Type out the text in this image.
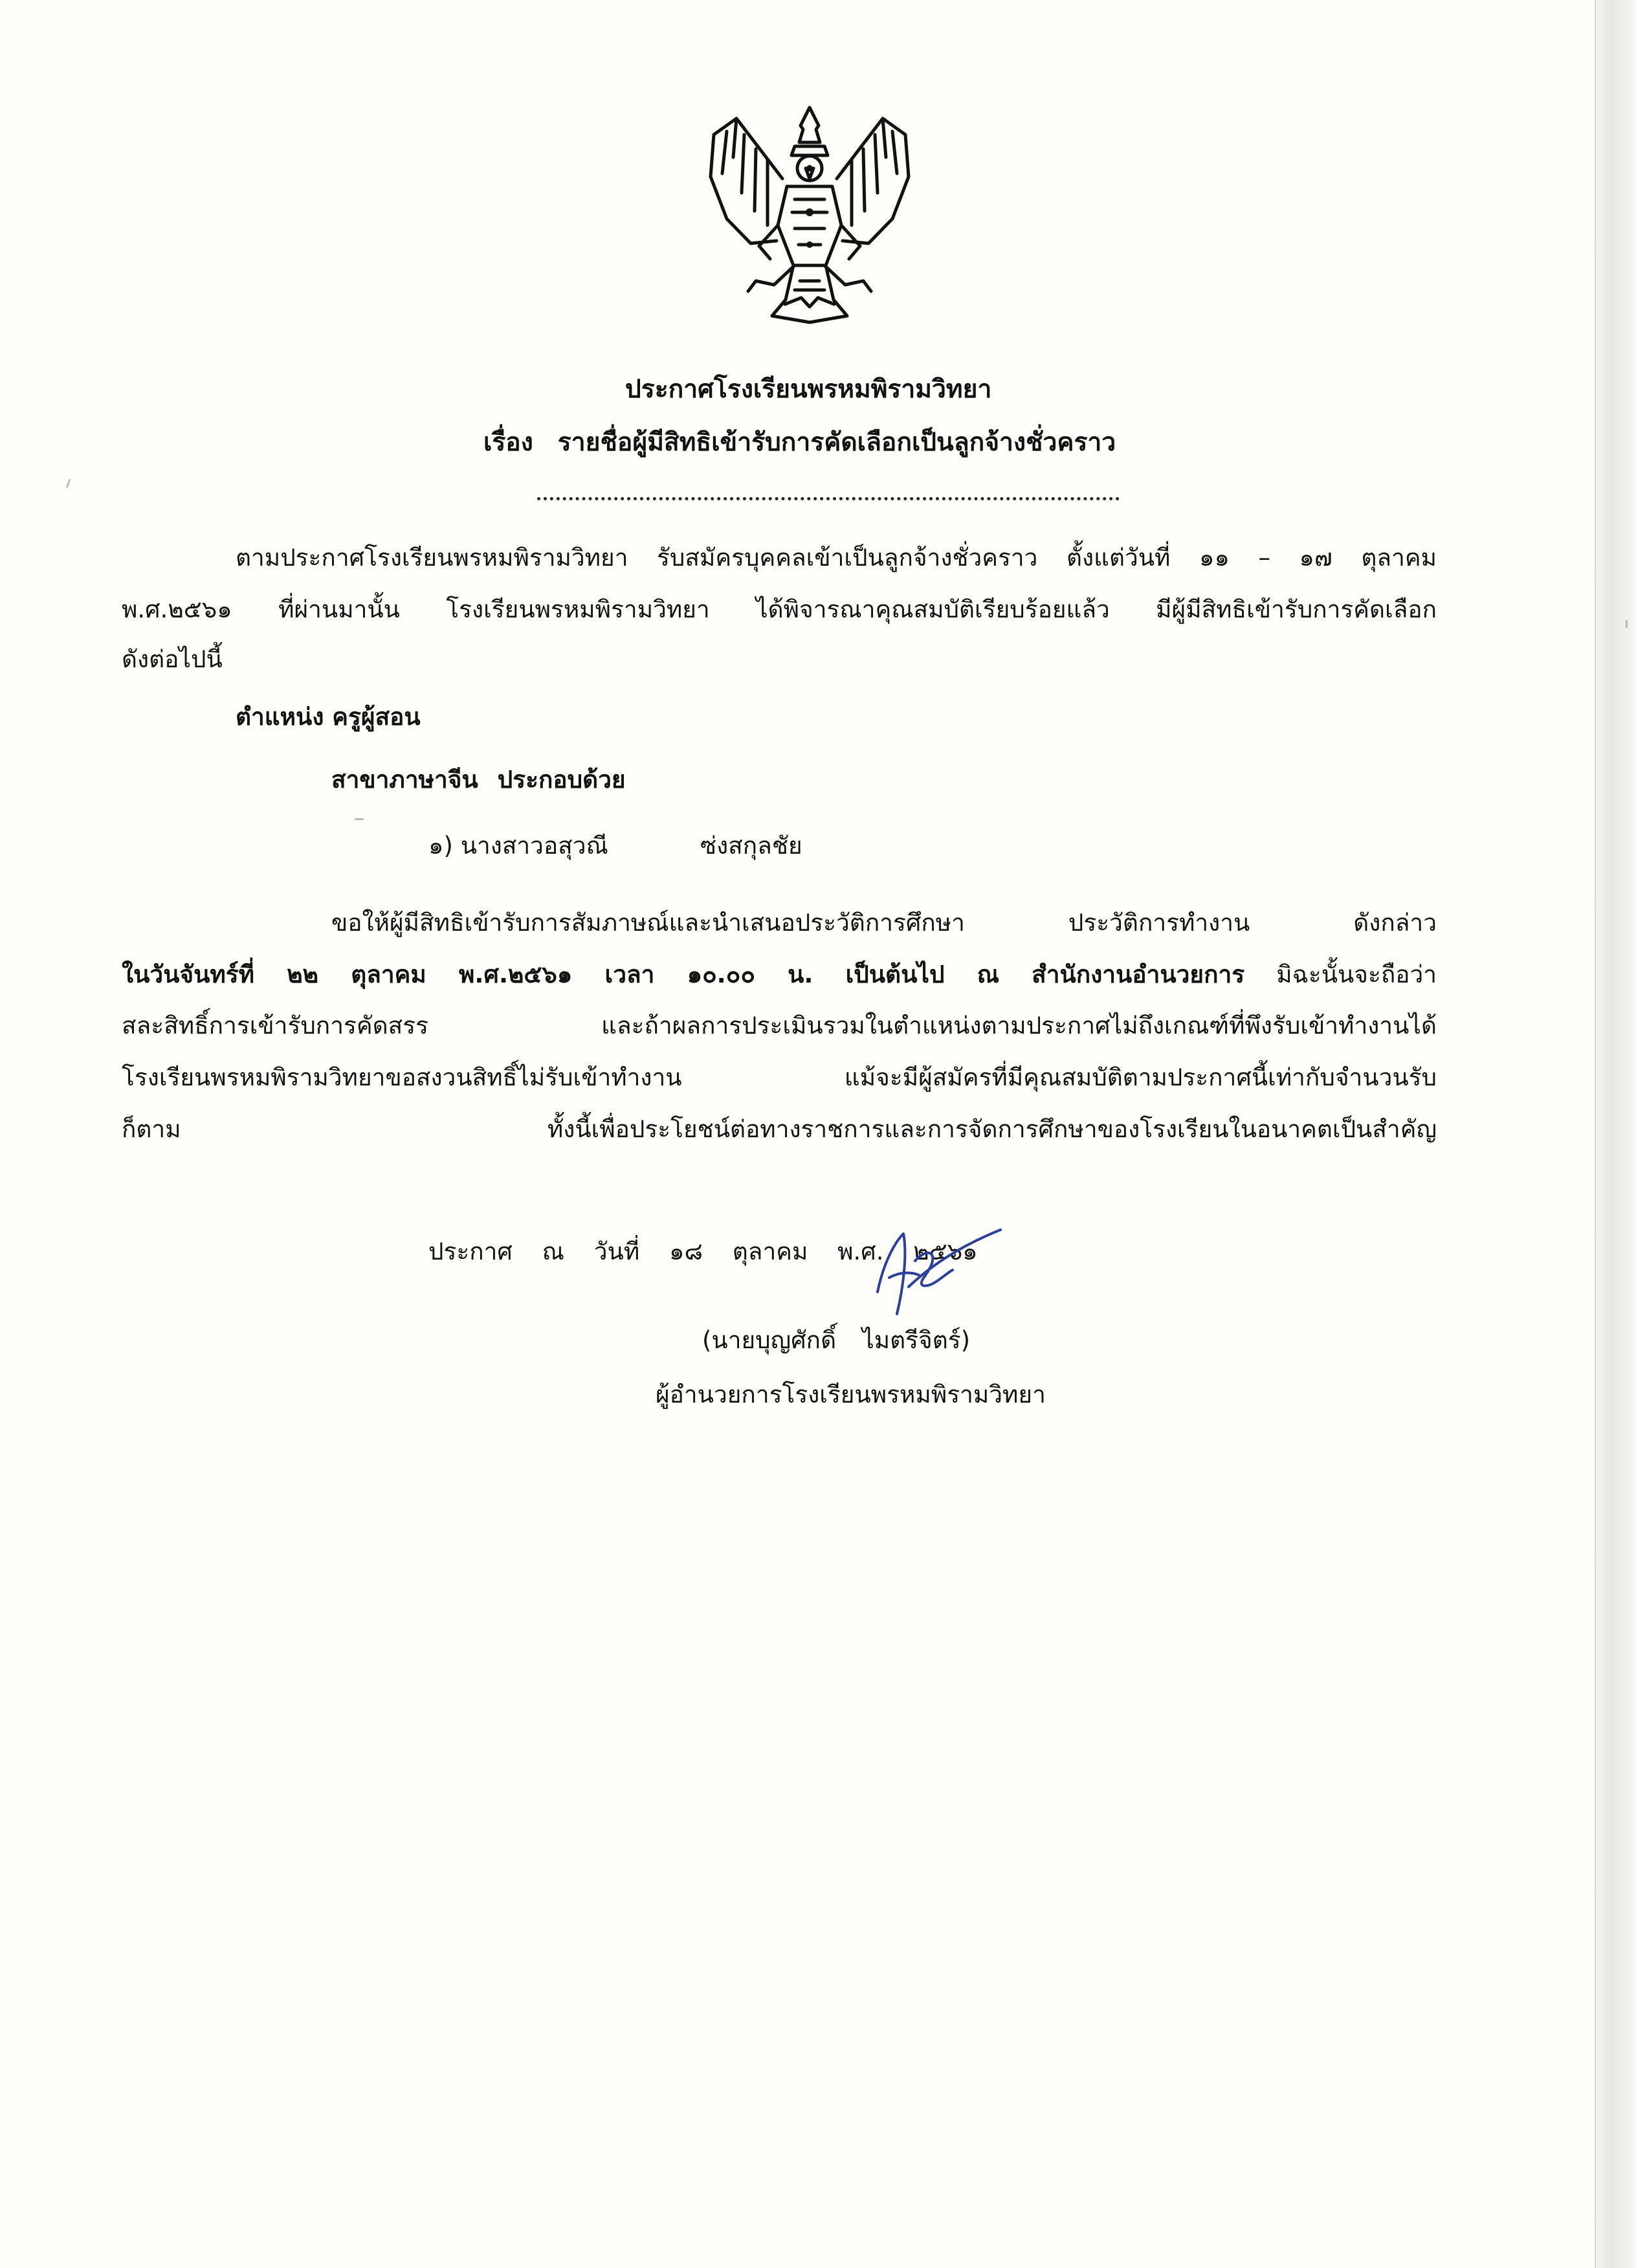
ประกาศโรงเรียนพรหมพิรามวิทยา
เรื่อง รายชื่อผู้มีสิทธิเข้ารับการคัดเลือกเป็นลูกจ้างชั่วคราว
ตามประกาศโรงเรียนพรหมพิรามวิทยา รับสมัครบุคคลเข้าเป็นลูกจ้างชั่วคราว ตั้งแต่วันที่ ๑๑ – ๑๗ ตุลาคม
พ.ศ.๒๕๖๑ ที่ผ่านมานั้น โรงเรียนพรหมพิรามวิทยา ได้พิจารณาคุณสมบัติเรียบร้อยแล้ว มีผู้มีสิทธิเข้ารับการคัดเลือก
ดังต่อไปนี้
ตำแหน่ง ครูผู้สอน
สาขาภาษาจีน ประกอบด้วย
๑) นางสาวอสุวณี	ซ่งสกุลชัย
ขอให้ผู้มีสิทธิเข้ารับการสัมภาษณ์และนำเสนอประวัติการศึกษา ประวัติการทำงาน ดังกล่าว
ในวันจันทร์ที่ ๒๒ ตุลาคม พ.ศ.๒๕๖๑ เวลา ๑๐.๐๐ น. เป็นต้นไป ณ สำนักงานอำนวยการ มิฉะนั้นจะถือว่า
สละสิทธิ์การเข้ารับการคัดสรร และถ้าผลการประเมินรวมในตำแหน่งตามประกาศไม่ถึงเกณฑ์ที่พึงรับเข้าทำงานได้
โรงเรียนพรหมพิรามวิทยาขอสงวนสิทธิ์ไม่รับเข้าทำงาน แม้จะมีผู้สมัครที่มีคุณสมบัติตามประกาศนี้เท่ากับจำนวนรับ
ก็ตาม ทั้งนี้เพื่อประโยชน์ต่อทางราชการและการจัดการศึกษาของโรงเรียนในอนาคตเป็นสำคัญ
ประกาศ ณ วันที่ ๑๘ ตุลาคม พ.ศ. ๒๕๖๑
(นายบุญศักดิ์ ไมตรีจิตร์)
ผู้อำนวยการโรงเรียนพรหมพิรามวิทยา
